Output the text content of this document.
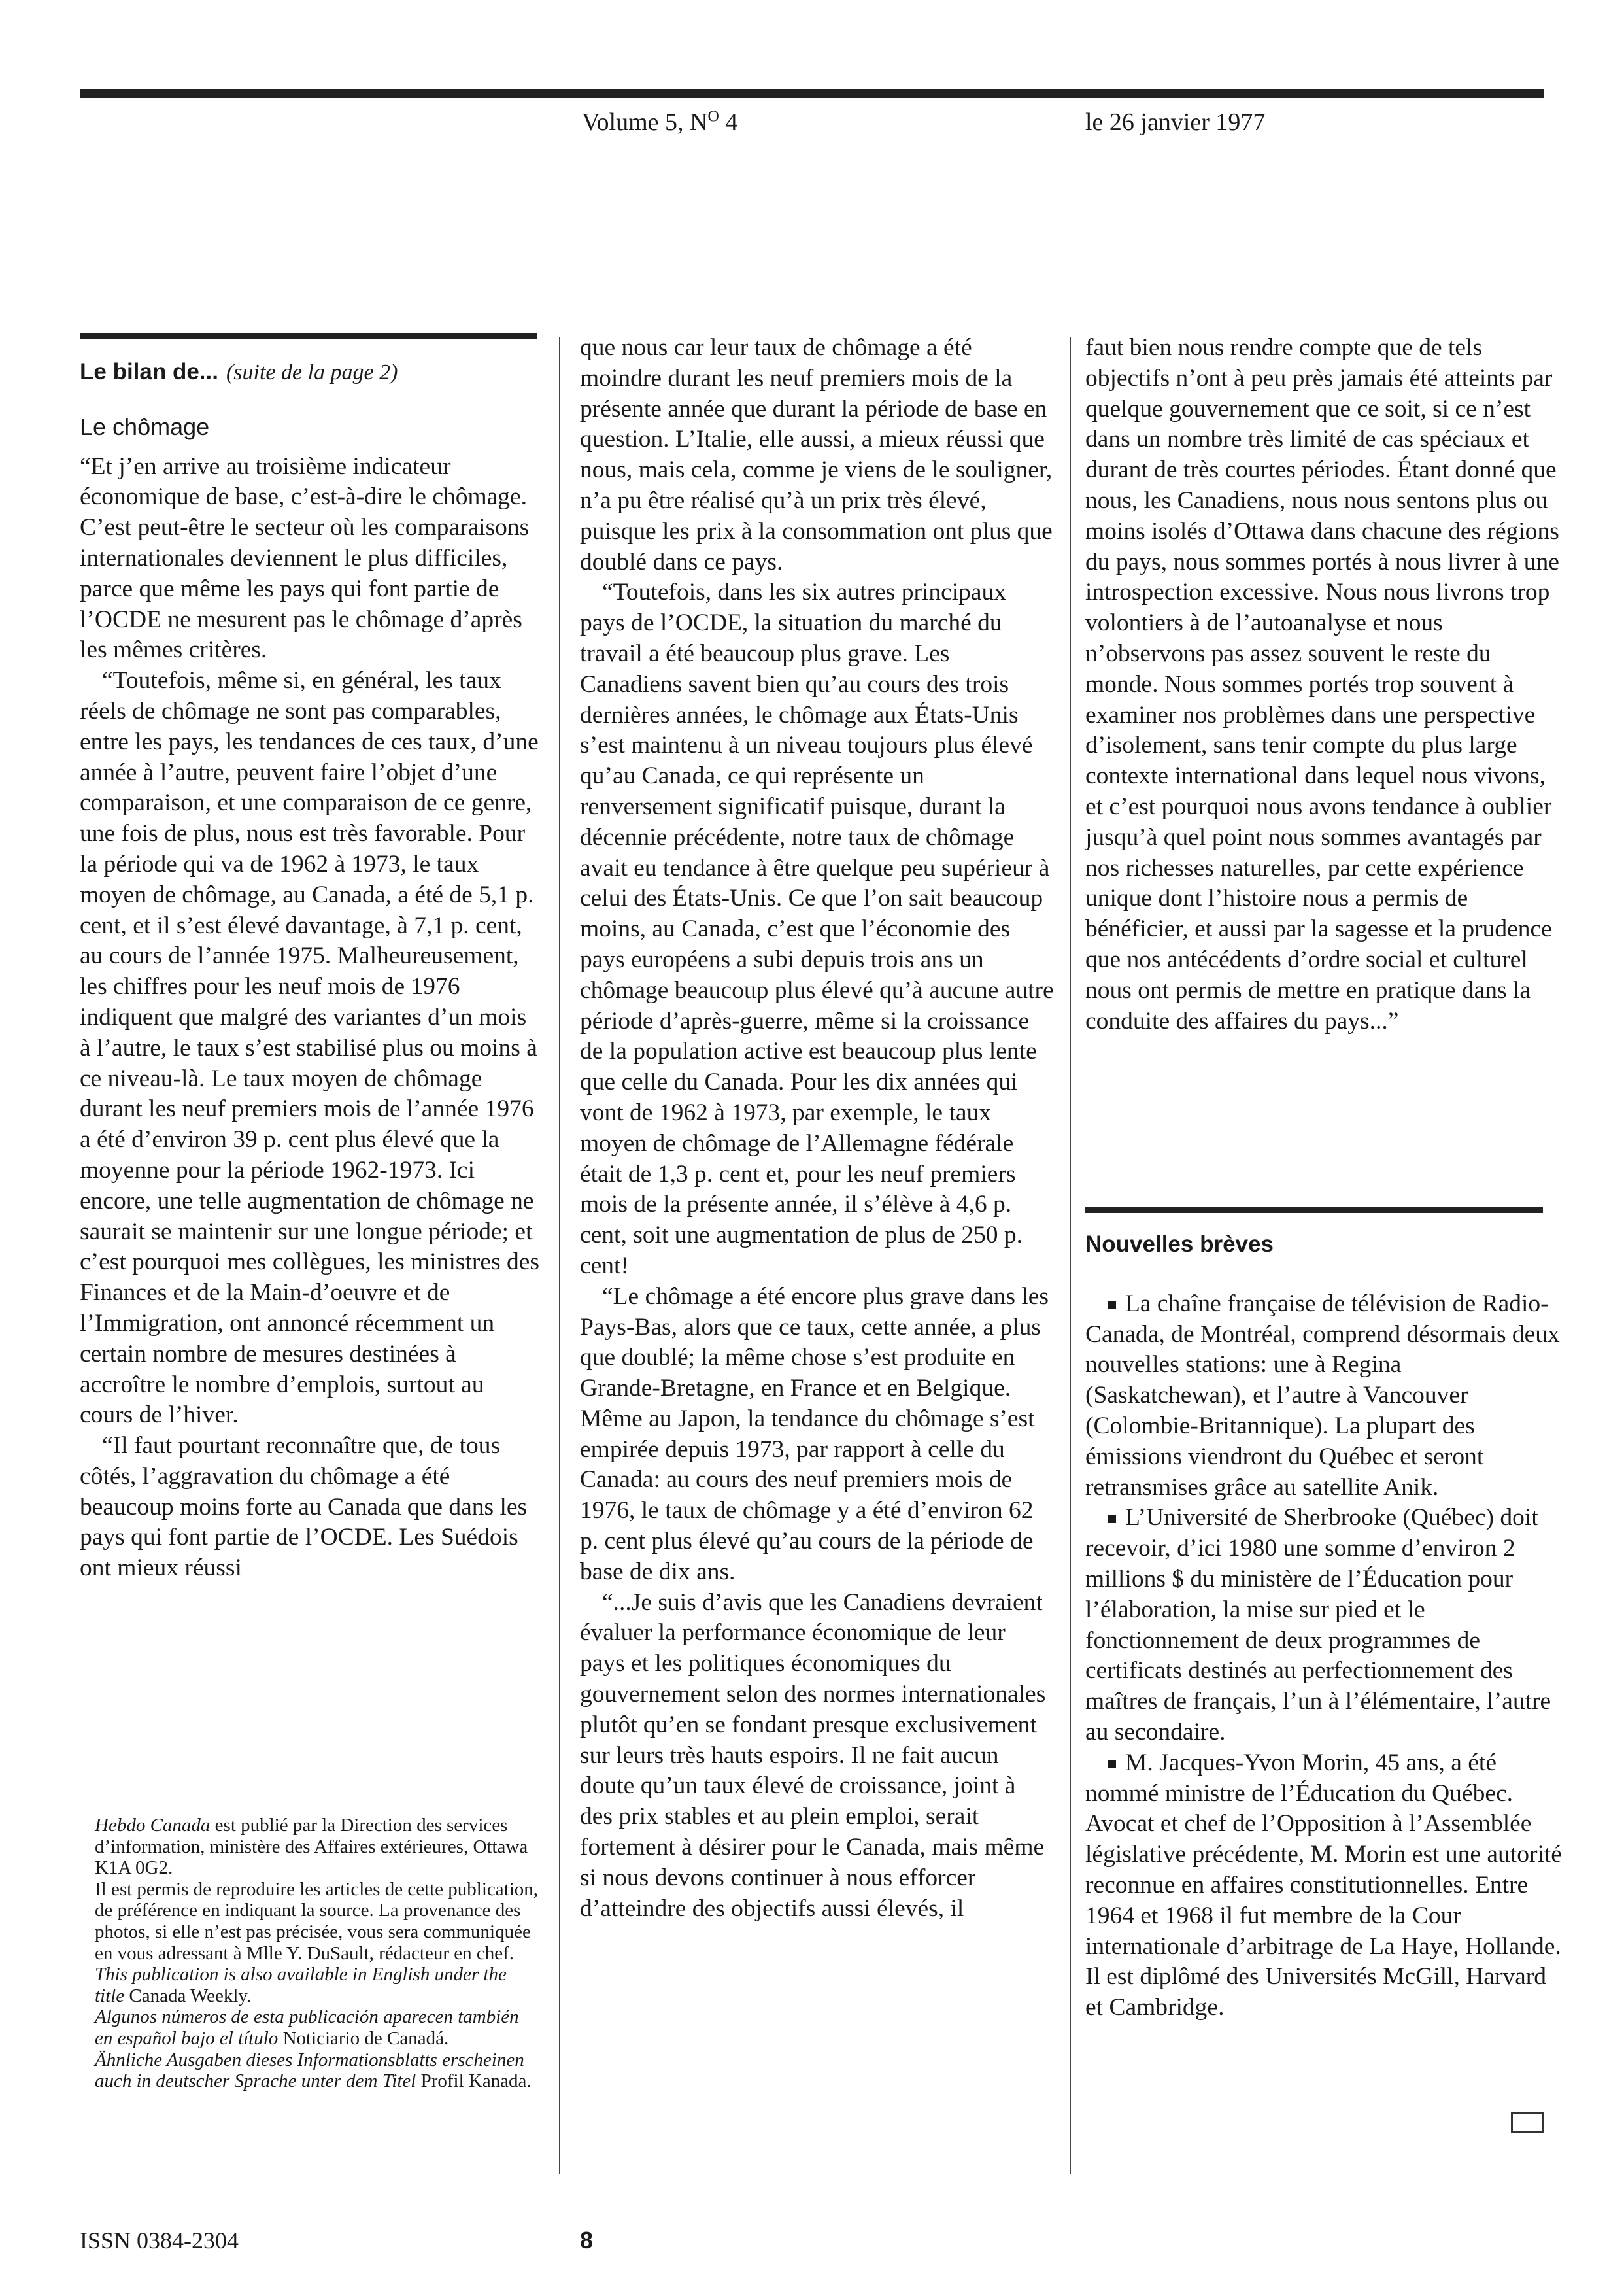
Volume 5, $N^O$ 4	le 26 janvier 1977
Le bilan de... (suite de la page 2)
Le chômage

“Et j’en arrive au troisième indicateur économique de base, c’est-à-dire le chômage. C’est peut-être le secteur où les comparaisons internationales deviennent le plus difficiles, parce que même les pays qui font partie de l’OCDE ne mesurent pas le chômage d’après les mêmes critères.

“Toutefois, même si, en général, les taux réels de chômage ne sont pas comparables, entre les pays, les tendances de ces taux, d’une année à l’autre, peuvent faire l’objet d’une comparaison, et une comparaison de ce genre, une fois de plus, nous est très favorable. Pour la période qui va de 1962 à 1973, le taux moyen de chômage, au Canada, a été de 5,1 p. cent, et il s’est élevé davantage, à 7,1 p. cent, au cours de l’année 1975. Malheureusement, les chiffres pour les neuf mois de 1976 indiquent que malgré des variantes d’un mois à l’autre, le taux s’est stabilisé plus ou moins à ce niveau-là. Le taux moyen de chômage durant les neuf premiers mois de l’année 1976 a été d’environ 39 p. cent plus élevé que la moyenne pour la période 1962-1973. Ici encore, une telle augmentation de chômage ne saurait se maintenir sur une longue période; et c’est pourquoi mes collègues, les ministres des Finances et de la Main-d’oeuvre et de l’Immigration, ont annoncé récemment un certain nombre de mesures destinées à accroître le nombre d’emplois, surtout au cours de l’hiver.

“Il faut pourtant reconnaître que, de tous côtés, l’aggravation du chômage a été beaucoup moins forte au Canada que dans les pays qui font partie de l’OCDE. Les Suédois ont mieux réussi

Hebdo Canada est publié par la Direction des services d’information, ministère des Affaires extérieures, Ottawa K1A 0G2.

Il est permis de reproduire les articles de cette publication, de préférence en indiquant la source. La provenance des photos, si elle n’est pas précisée, vous sera communiquée en vous adressant à Mlle Y. DuSault, rédacteur en chef.

This publication is also available in English under the title Canada Weekly.

Algunos números de esta publicación aparecen también en español bajo el título Noticiario de Canadá.

Ähnliche Ausgaben dieses Informationsblatts erscheinen auch in deutscher Sprache unter dem Titel Profil Kanada.

que nous car leur taux de chômage a été moindre durant les neuf premiers mois de la présente année que durant la période de base en question. L’Italie, elle aussi, a mieux réussi que nous, mais cela, comme je viens de le souligner, n’a pu être réalisé qu’à un prix très élevé, puisque les prix à la consommation ont plus que doublé dans ce pays.

“Toutefois, dans les six autres principaux pays de l’OCDE, la situation du marché du travail a été beaucoup plus grave. Les Canadiens savent bien qu’au cours des trois dernières années, le chômage aux États-Unis s’est maintenu à un niveau toujours plus élevé qu’au Canada, ce qui représente un renversement significatif puisque, durant la décennie précédente, notre taux de chômage avait eu tendance à être quelque peu supérieur à celui des États-Unis. Ce que l’on sait beaucoup moins, au Canada, c’est que l’économie des pays européens a subi depuis trois ans un chômage beaucoup plus élevé qu’à aucune autre période d’après-guerre, même si la croissance de la population active est beaucoup plus lente que celle du Canada. Pour les dix années qui vont de 1962 à 1973, par exemple, le taux moyen de chômage de l’Allemagne fédérale était de 1,3 p. cent et, pour les neuf premiers mois de la présente année, il s’élève à 4,6 p. cent, soit une augmentation de plus de 250 p. cent!

“Le chômage a été encore plus grave dans les Pays-Bas, alors que ce taux, cette année, a plus que doublé; la même chose s’est produite en Grande-Bretagne, en France et en Belgique. Même au Japon, la tendance du chômage s’est empirée depuis 1973, par rapport à celle du Canada: au cours des neuf premiers mois de 1976, le taux de chômage y a été d’environ 62 p. cent plus élevé qu’au cours de la période de base de dix ans.

“...Je suis d’avis que les Canadiens devraient évaluer la performance économique de leur pays et les politiques économiques du gouvernement selon des normes internationales plutôt qu’en se fondant presque exclusivement sur leurs très hauts espoirs. Il ne fait aucun doute qu’un taux élevé de croissance, joint à des prix stables et au plein emploi, serait fortement à désirer pour le Canada, mais même si nous devons continuer à nous efforcer d’atteindre des objectifs aussi élevés, il

faut bien nous rendre compte que de tels objectifs n’ont à peu près jamais été atteints par quelque gouvernement que ce soit, si ce n’est dans un nombre très limité de cas spéciaux et durant de très courtes périodes. Étant donné que nous, les Canadiens, nous nous sentons plus ou moins isolés d’Ottawa dans chacune des régions du pays, nous sommes portés à nous livrer à une introspection excessive. Nous nous livrons trop volontiers à de l’autoanalyse et nous n’observons pas assez souvent le reste du monde. Nous sommes portés trop souvent à examiner nos problèmes dans une perspective d’isolement, sans tenir compte du plus large contexte international dans lequel nous vivons, et c’est pourquoi nous avons tendance à oublier jusqu’à quel point nous sommes avantagés par nos richesses naturelles, par cette expérience unique dont l’histoire nous a permis de bénéficier, et aussi par la sagesse et la prudence que nos antécédents d’ordre social et culturel nous ont permis de mettre en pratique dans la conduite des affaires du pays...”

Nouvelles brèves

La chaîne française de télévision de Radio-Canada, de Montréal, comprend désormais deux nouvelles stations: une à Regina (Saskatchewan), et l’autre à Vancouver (Colombie-Britannique). La plupart des émissions viendront du Québec et seront retransmises grâce au satellite Anik.

L’Université de Sherbrooke (Québec) doit recevoir, d’ici 1980 une somme d’environ 2 millions $ du ministère de l’Éducation pour l’élaboration, la mise sur pied et le fonctionnement de deux programmes de certificats destinés au perfectionnement des maîtres de français, l’un à l’élémentaire, l’autre au secondaire.

M. Jacques-Yvon Morin, 45 ans, a été nommé ministre de l’Éducation du Québec. Avocat et chef de l’Opposition à l’Assemblée législative précédente, M. Morin est une autorité reconnue en affaires constitutionnelles. Entre 1964 et 1968 il fut membre de la Cour internationale d’arbitrage de La Haye, Hollande. Il est diplômé des Universités McGill, Harvard et Cambridge.

ISSN 0384-2304	8
